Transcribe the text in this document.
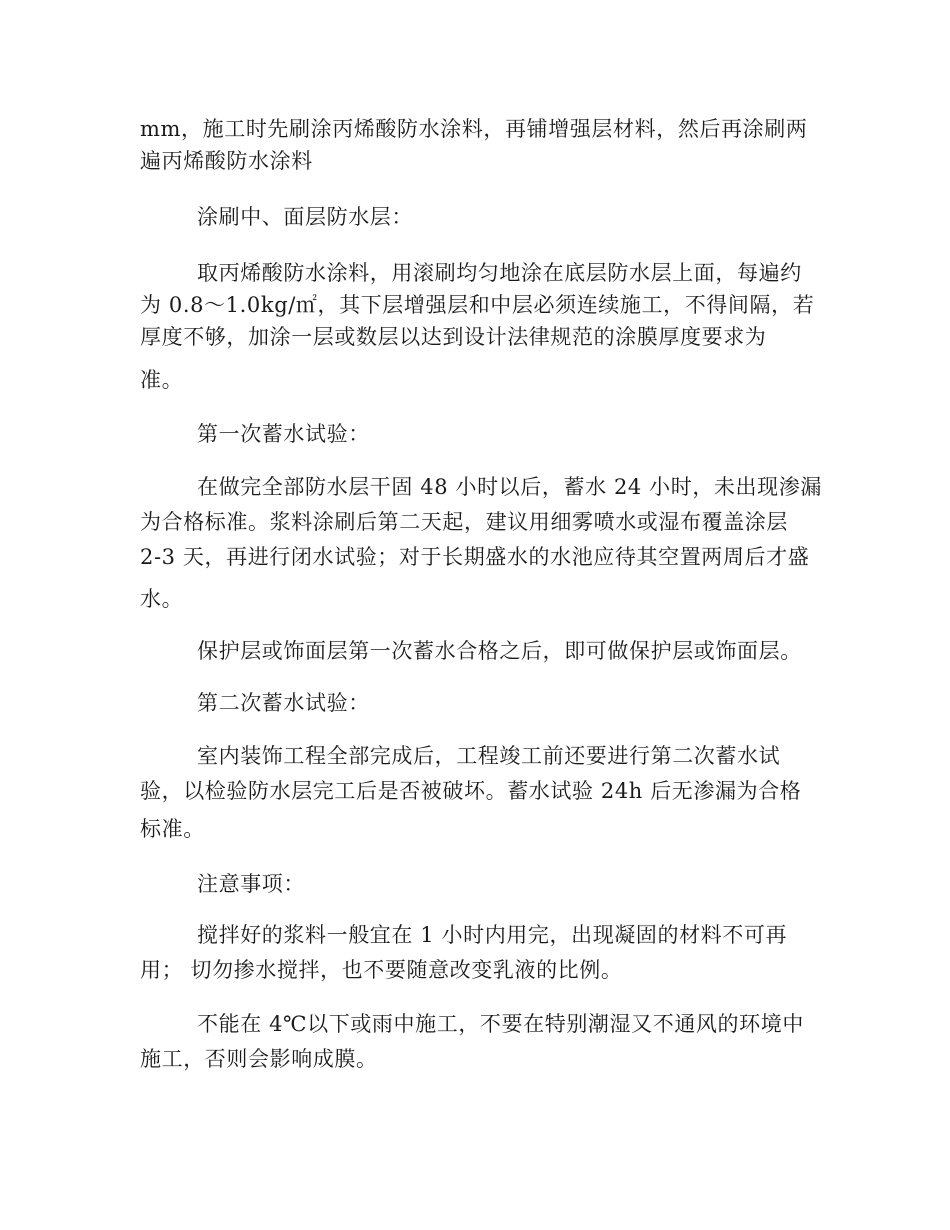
mm，施工时先刷涂丙烯酸防水涂料，再铺增强层材料，然后再涂刷两
遍丙烯酸防水涂料
涂刷中、面层防水层：
取丙烯酸防水涂料，用滚刷均匀地涂在底层防水层上面，每遍约
为 0.8～1.0kg/㎡，其下层增强层和中层必须连续施工，不得间隔，若
厚度不够，加涂一层或数层以达到设计法律规范的涂膜厚度要求为
准。
第一次蓄水试验：
在做完全部防水层干固 48 小时以后，蓄水 24 小时，未出现渗漏
为合格标准。浆料涂刷后第二天起，建议用细雾喷水或湿布覆盖涂层
2-3 天，再进行闭水试验；对于长期盛水的水池应待其空置两周后才盛
水。
保护层或饰面层第一次蓄水合格之后，即可做保护层或饰面层。
第二次蓄水试验：
室内装饰工程全部完成后，工程竣工前还要进行第二次蓄水试
验，以检验防水层完工后是否被破坏。蓄水试验 24h 后无渗漏为合格
标准。
注意事项：
搅拌好的浆料一般宜在 1 小时内用完，出现凝固的材料不可再
用； 切勿掺水搅拌，也不要随意改变乳液的比例。
不能在 4℃以下或雨中施工，不要在特别潮湿又不通风的环境中
施工，否则会影响成膜。
